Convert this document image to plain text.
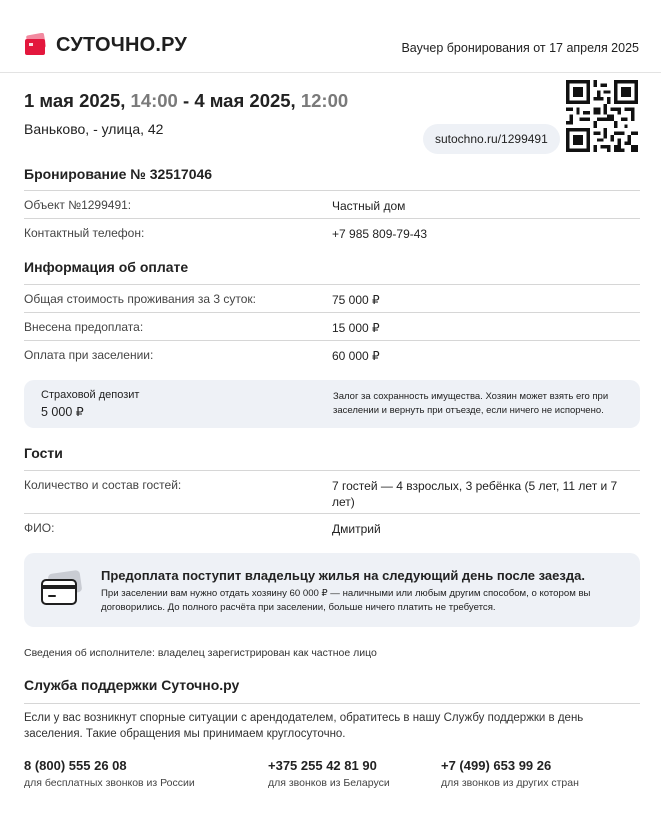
СУТОЧНО.РУ	Ваучер бронирования от 17 апреля 2025
1 мая 2025, 14:00 - 4 мая 2025, 12:00
Ваньково, - улица, 42
sutochno.ru/1299491
Бронирование № 32517046
Объект №1299491:	Частный дом
Контактный телефон:	+7 985 809-79-43
Информация об оплате
Общая стоимость проживания за 3 суток:	75 000 ₽
Внесена предоплата:	15 000 ₽
Оплата при заселении:	60 000 ₽
Страховой депозит
5 000 ₽
Залог за сохранность имущества. Хозяин может взять его при заселении и вернуть при отъезде, если ничего не испорчено.
Гости
Количество и состав гостей:	7 гостей — 4 взрослых, 3 ребёнка (5 лет, 11 лет и 7 лет)
ФИО:	Дмитрий
Предоплата поступит владельцу жилья на следующий день после заезда.
При заселении вам нужно отдать хозяину 60 000 ₽ — наличными или любым другим способом, о котором вы договорились. До полного расчёта при заселении, больше ничего платить не требуется.
Сведения об исполнителе: владелец зарегистрирован как частное лицо
Служба поддержки Суточно.ру
Если у вас возникнут спорные ситуации с арендодателем, обратитесь в нашу Службу поддержки в день заселения. Такие обращения мы принимаем круглосуточно.
8 (800) 555 26 08
для бесплатных звонков из России
+375 255 42 81 90
для звонков из Беларуси
+7 (499) 653 99 26
для звонков из других стран
